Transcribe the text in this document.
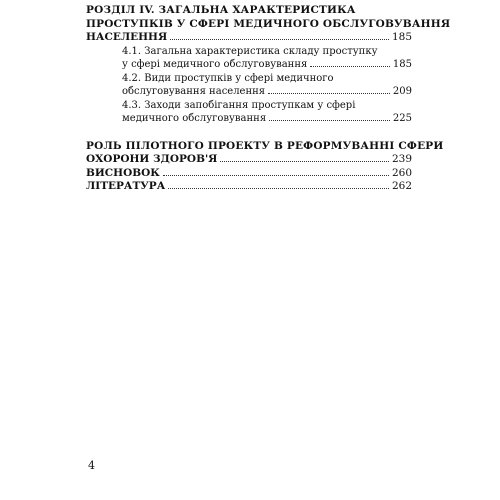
РОЗДІЛ IV. ЗАГАЛЬНА ХАРАКТЕРИСТИКА
ПРОСТУПКІВ У СФЕРІ МЕДИЧНОГО ОБСЛУГОВУВАННЯ
НАСЕЛЕННЯ	185
4.1. Загальна характеристика складу проступку
у сфері медичного обслуговування	185
4.2. Види проступків у сфері медичного
обслуговування населення	209
4.3. Заходи запобігання проступкам у сфері
медичного обслуговування	225
РОЛЬ ПІЛОТНОГО ПРОЕКТУ В РЕФОРМУВАННІ СФЕРИ
ОХОРОНИ ЗДОРОВ'Я	239
ВИСНОВОК	260
ЛІТЕРАТУРА	262
4
